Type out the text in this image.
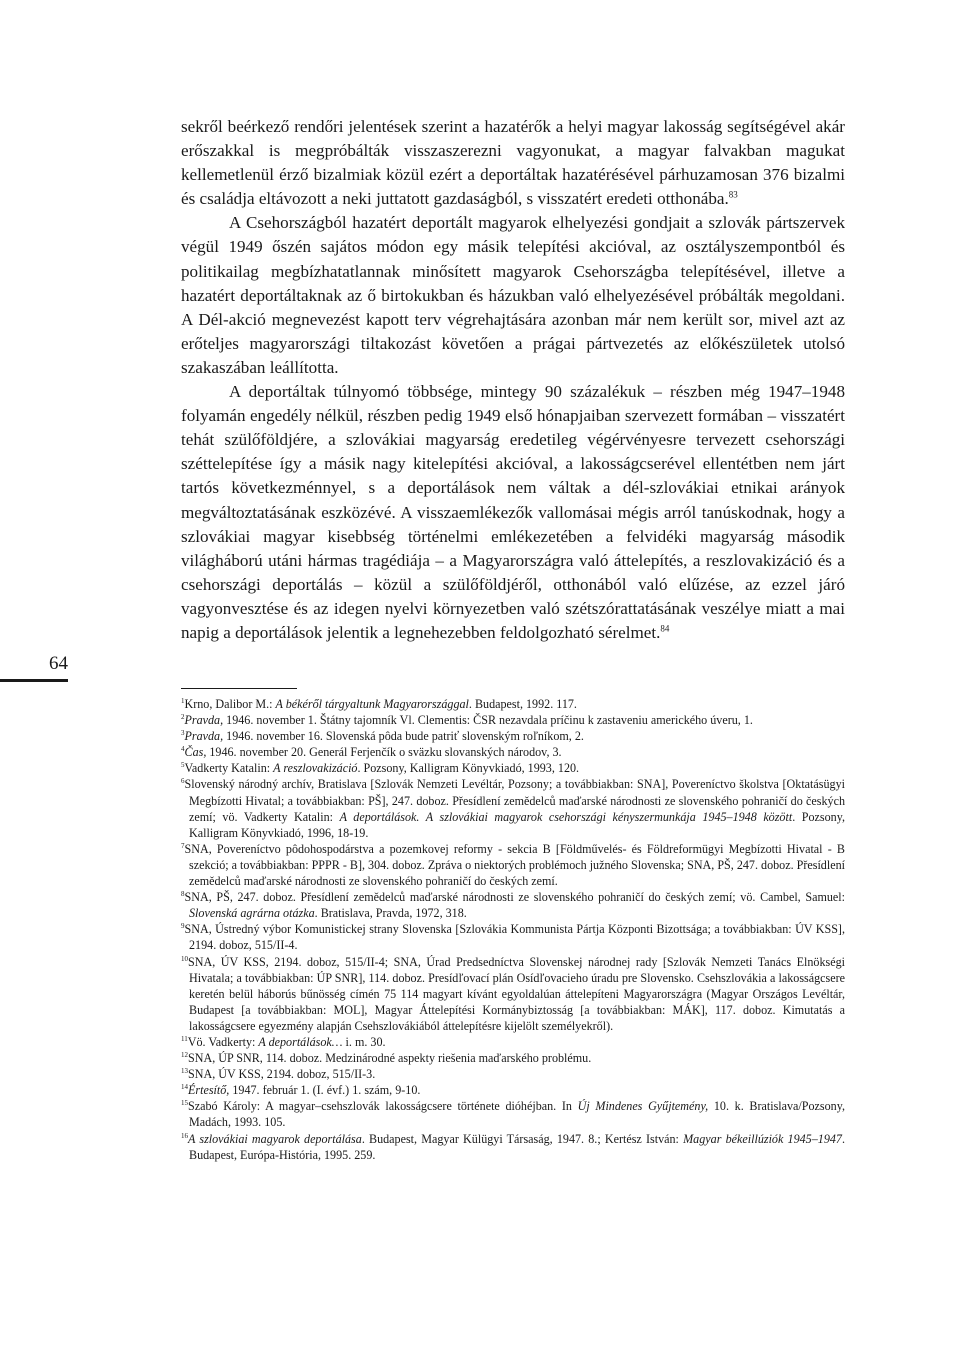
64

sekről beérkező rendőri jelentések szerint a hazatérők a helyi magyar lakosság segítségével akár erőszakkal is megpróbálták visszaszerezni vagyonukat, a magyar falvakban magukat kellemetlenül érző bizalmiak közül ezért a deportáltak hazatérésével párhuzamosan 376 bizalmi és családja eltávozott a neki juttatott gazdaságból, s visszatért eredeti otthonába.$^{83}$

A Csehországból hazatért deportált magyarok elhelyezési gondjait a szlovák pártszervek végül 1949 őszén sajátos módon egy másik telepítési akcióval, az osztályszempontból és politikailag megbízhatatlannak minősített magyarok Csehországba telepítésével, illetve a hazatért deportáltaknak az ő birtokukban és házukban való elhelyezésével próbálták megoldani. A Dél-akció megnevezést kapott terv végrehajtására azonban már nem került sor, mivel azt az erőteljes magyarországi tiltakozást követően a prágai pártvezetés az előkészületek utolsó szakaszában leállította.

A deportáltak túlnyomó többsége, mintegy 90 százalékuk – részben még 1947–1948 folyamán engedély nélkül, részben pedig 1949 első hónapjaiban szervezett formában – visszatért tehát szülőföldjére, a szlovákiai magyarság eredetileg végérvényesre tervezett csehországi széttelepítése így a másik nagy kitelepítési akcióval, a lakosságcserével ellentétben nem járt tartós következménnyel, s a deportálások nem váltak a dél-szlovákiai etnikai arányok megváltoztatásának eszközévé. A visszaemlékezők vallomásai mégis arról tanúskodnak, hogy a szlovákiai magyar kisebbség történelmi emlékezetében a felvidéki magyarság második világháború utáni hármas tragédiája – a Magyarországra való áttelepítés, a reszlovakizáció és a csehországi deportálás – közül a szülőföldjéről, otthonából való elűzése, az ezzel járó vagyonvesztése és az idegen nyelvi környezetben való szétszórattatásának veszélye miatt a mai napig a deportálások jelentik a legnehezebben feldolgozható sérelmet.$^{84}$

$^1$Krno, Dalibor M.: A békéről tárgyaltunk Magyarországgal. Budapest, 1992. 117.

$^2$Pravda, 1946. november 1. Štátny tajomník Vl. Clementis: ČSR nezavdala príčinu k zastaveniu amerického úveru, 1.

$^3$Pravda, 1946. november 16. Slovenská pôda bude patriť slovenským roľníkom, 2.

$^4$Čas, 1946. november 20. Generál Ferjenčík o sväzku slovanských národov, 3.

$^5$Vadkerty Katalin: A reszlovakizáció. Pozsony, Kalligram Könyvkiadó, 1993, 120.

$^6$Slovenský národný archív, Bratislava [Szlovák Nemzeti Levéltár, Pozsony; a továbbiakban: SNA], Povereníctvo školstva [Oktatásügyi Megbízotti Hivatal; a továbbiakban: PŠ], 247. doboz. Přesídlení zemědelců maďarské národnosti ze slovenského pohraničí do českých zemí; vö. Vadkerty Katalin: A deportálások. A szlovákiai magyarok csehországi kényszermunkája 1945–1948 között. Pozsony, Kalligram Könyvkiadó, 1996, 18-19.

$^7$SNA, Povereníctvo pôdohospodárstva a pozemkovej reformy - sekcia B [Földművelés- és Földreformügyi Megbízotti Hivatal - B szekció; a továbbiakban: PPPR - B], 304. doboz. Zpráva o niektorých problémoch južného Slovenska; SNA, PŠ, 247. doboz. Přesídlení zemědelců maďarské národnosti ze slovenského pohraničí do českých zemí.

$^8$SNA, PŠ, 247. doboz. Přesídlení zemědelců maďarské národnosti ze slovenského pohraničí do českých zemí; vö. Cambel, Samuel: Slovenská agrárna otázka. Bratislava, Pravda, 1972, 318.

$^9$SNA, Ústredný výbor Komunistickej strany Slovenska [Szlovákia Kommunista Pártja Központi Bizottsága; a továbbiakban: ÚV KSS], 2194. doboz, 515/II-4.

$^{10}$SNA, ÚV KSS, 2194. doboz, 515/II-4; SNA, Úrad Predsedníctva Slovenskej národnej rady [Szlovák Nemzeti Tanács Elnökségi Hivatala; a továbbiakban: ÚP SNR], 114. doboz. Presídľovací plán Osídľovacieho úradu pre Slovensko. Csehszlovákia a lakosságcsere keretén belül háborús bűnösség címén 75 114 magyart kívánt egyoldalúan áttelepíteni Magyarországra (Magyar Országos Levéltár, Budapest [a továbbiakban: MOL], Magyar Áttelepítési Kormánybiztosság [a továbbiakban: MÁK], 117. doboz. Kimutatás a lakosságcsere egyezmény alapján Csehszlovákiából áttelepítésre kijelölt személyekről).

$^{11}$Vö. Vadkerty: A deportálások… i. m. 30.

$^{12}$SNA, ÚP SNR, 114. doboz. Medzinárodné aspekty riešenia maďarského problému.

$^{13}$SNA, ÚV KSS, 2194. doboz, 515/II-3.

$^{14}$Értesítő, 1947. február 1. (I. évf.) 1. szám, 9-10.

$^{15}$Szabó Károly: A magyar–csehszlovák lakosságcsere története dióhéjban. In Új Mindenes Gyűjtemény, 10. k. Bratislava/Pozsony, Madách, 1993. 105.

$^{16}$A szlovákiai magyarok deportálása. Budapest, Magyar Külügyi Társaság, 1947. 8.; Kertész István: Magyar békeillúziók 1945–1947. Budapest, Európa-História, 1995. 259.
